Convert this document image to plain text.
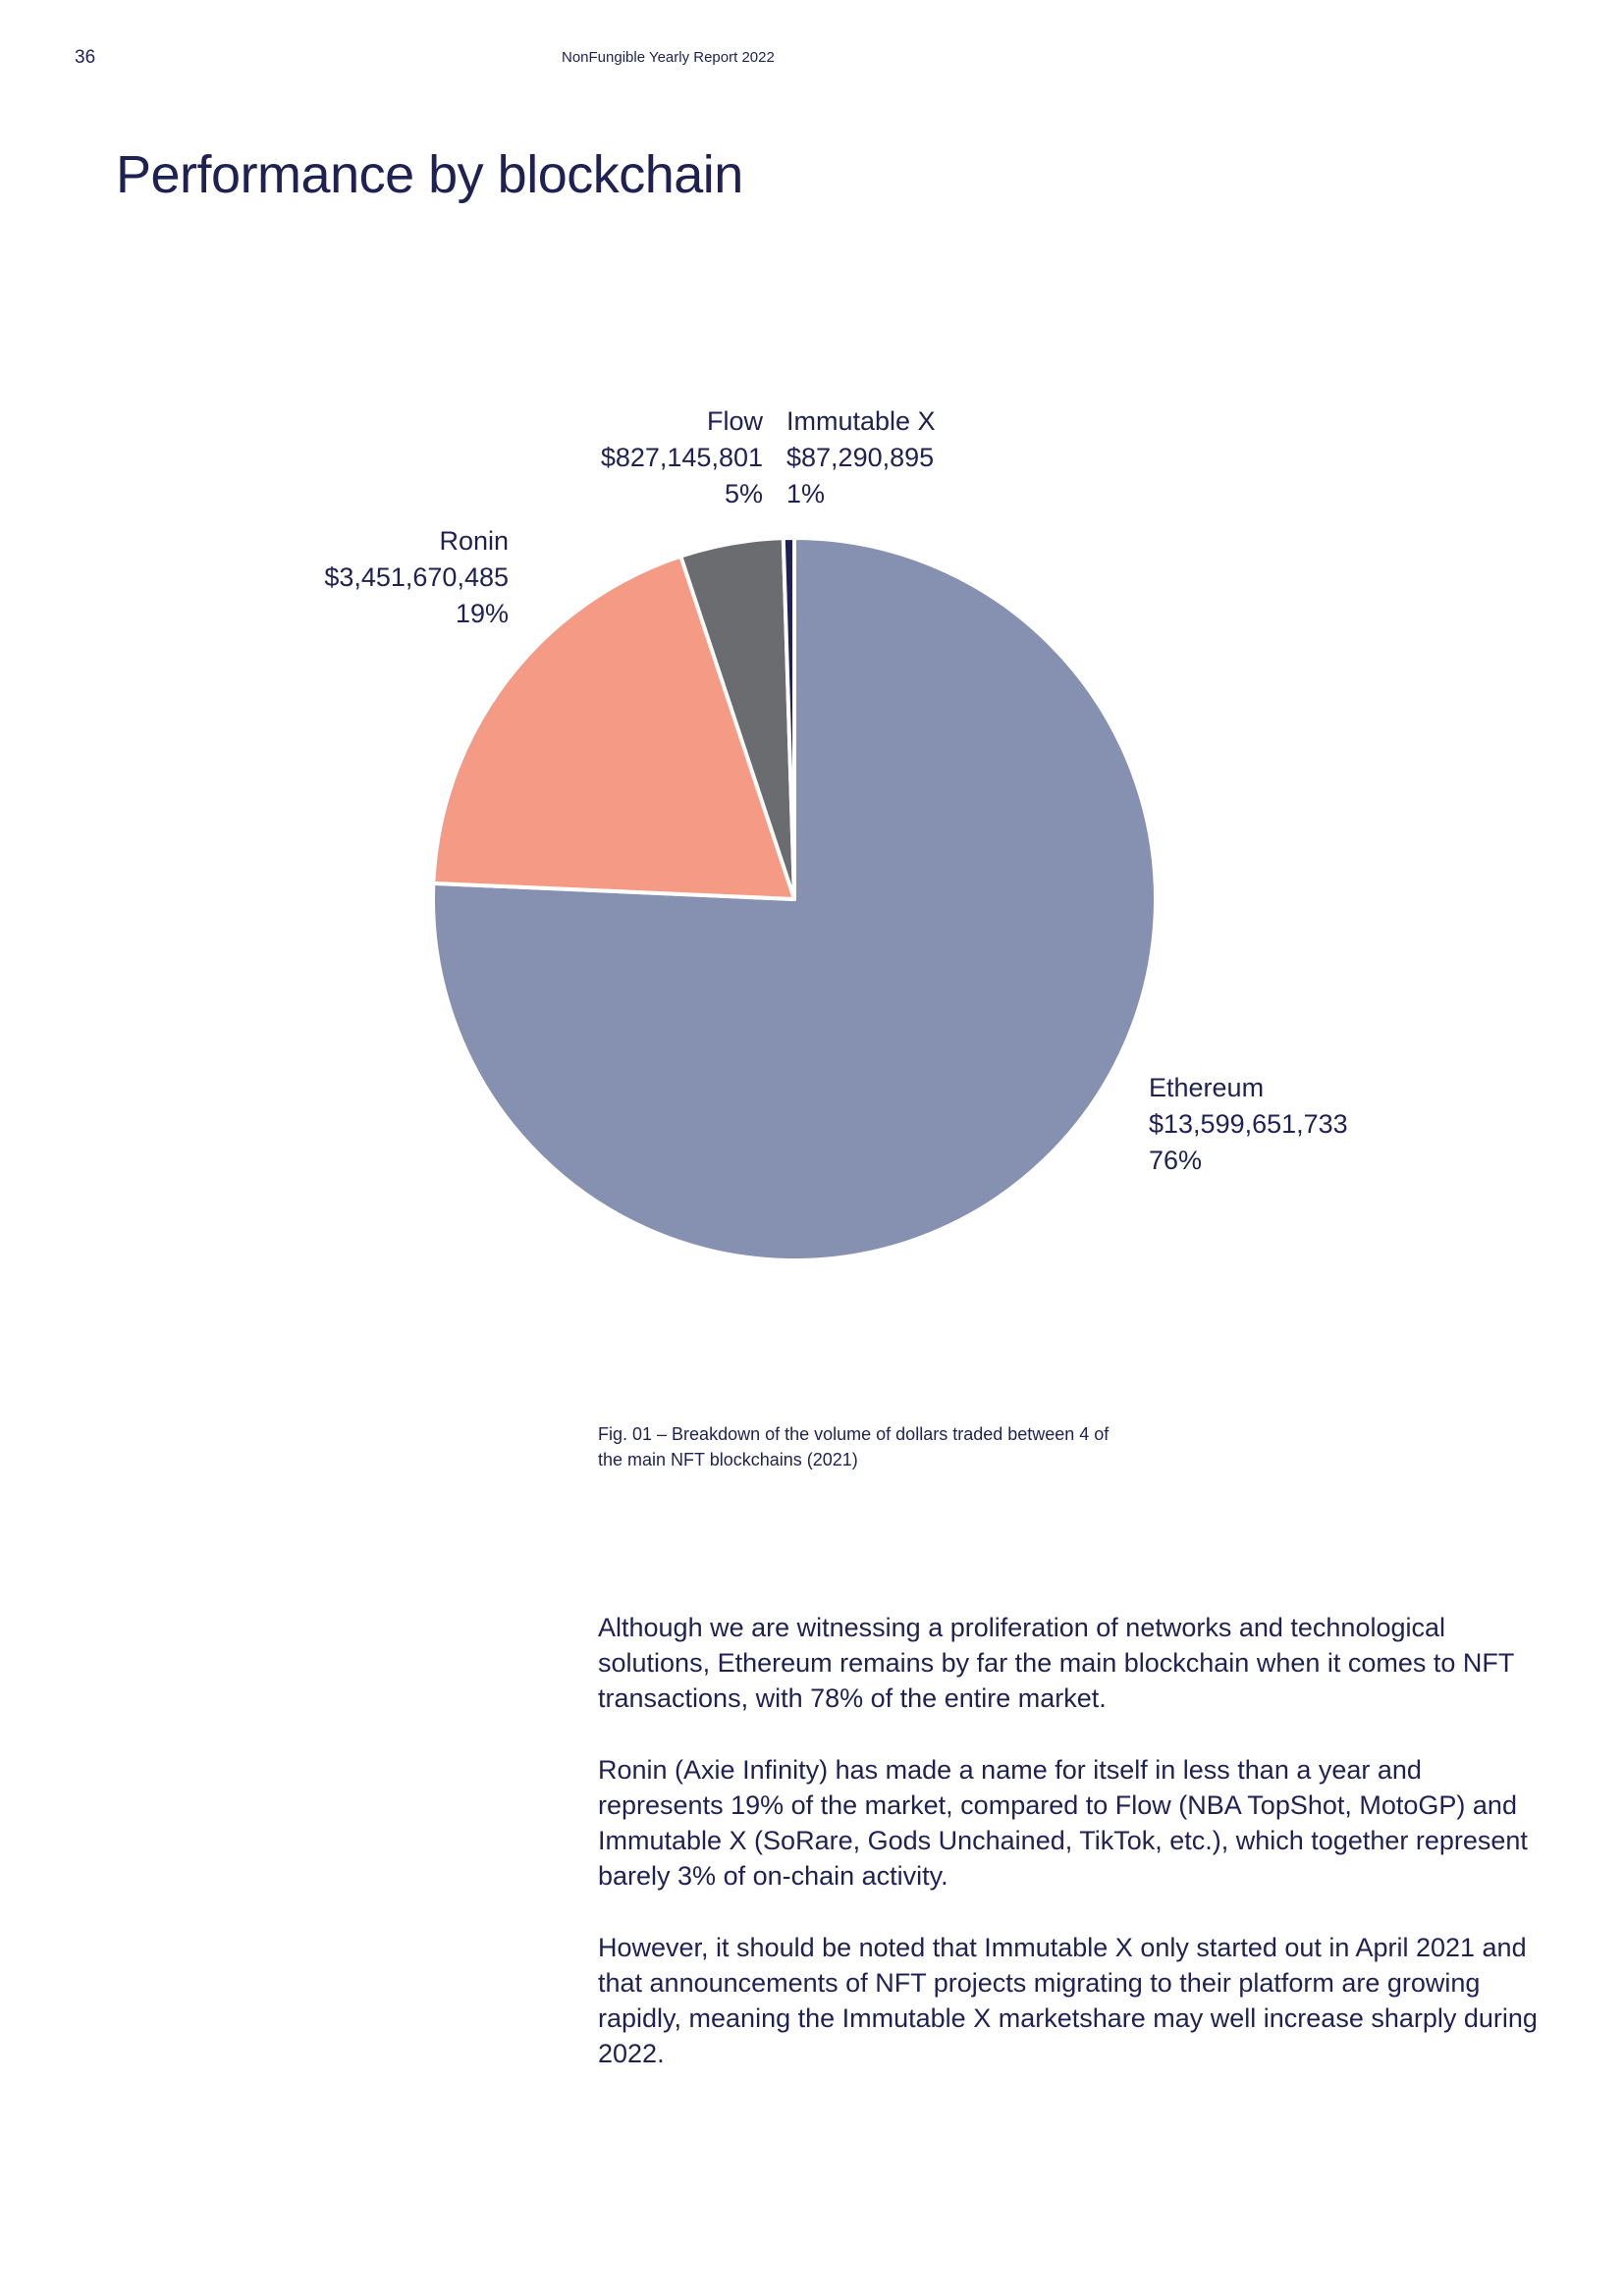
36	NonFungible Yearly Report 2022
Performance by blockchain
Flow
$827,145,801
5%
Immutable X
$87,290,895
1%
Ronin
$3,451,670,485
19%
Ethereum
$13,599,651,733
76%
Fig. 01 – Breakdown of the volume of dollars traded between 4 of
the main NFT blockchains (2021)

Although we are witnessing a proliferation of networks and technological solutions, Ethereum remains by far the main blockchain when it comes to NFT transactions, with 78% of the entire market.

Ronin (Axie Infinity) has made a name for itself in less than a year and represents 19% of the market, compared to Flow (NBA TopShot, MotoGP) and Immutable X (SoRare, Gods Unchained, TikTok, etc.), which together represent barely 3% of on-chain activity.

However, it should be noted that Immutable X only started out in April 2021 and that announcements of NFT projects migrating to their platform are growing rapidly, meaning the Immutable X marketshare may well increase sharply during 2022.
